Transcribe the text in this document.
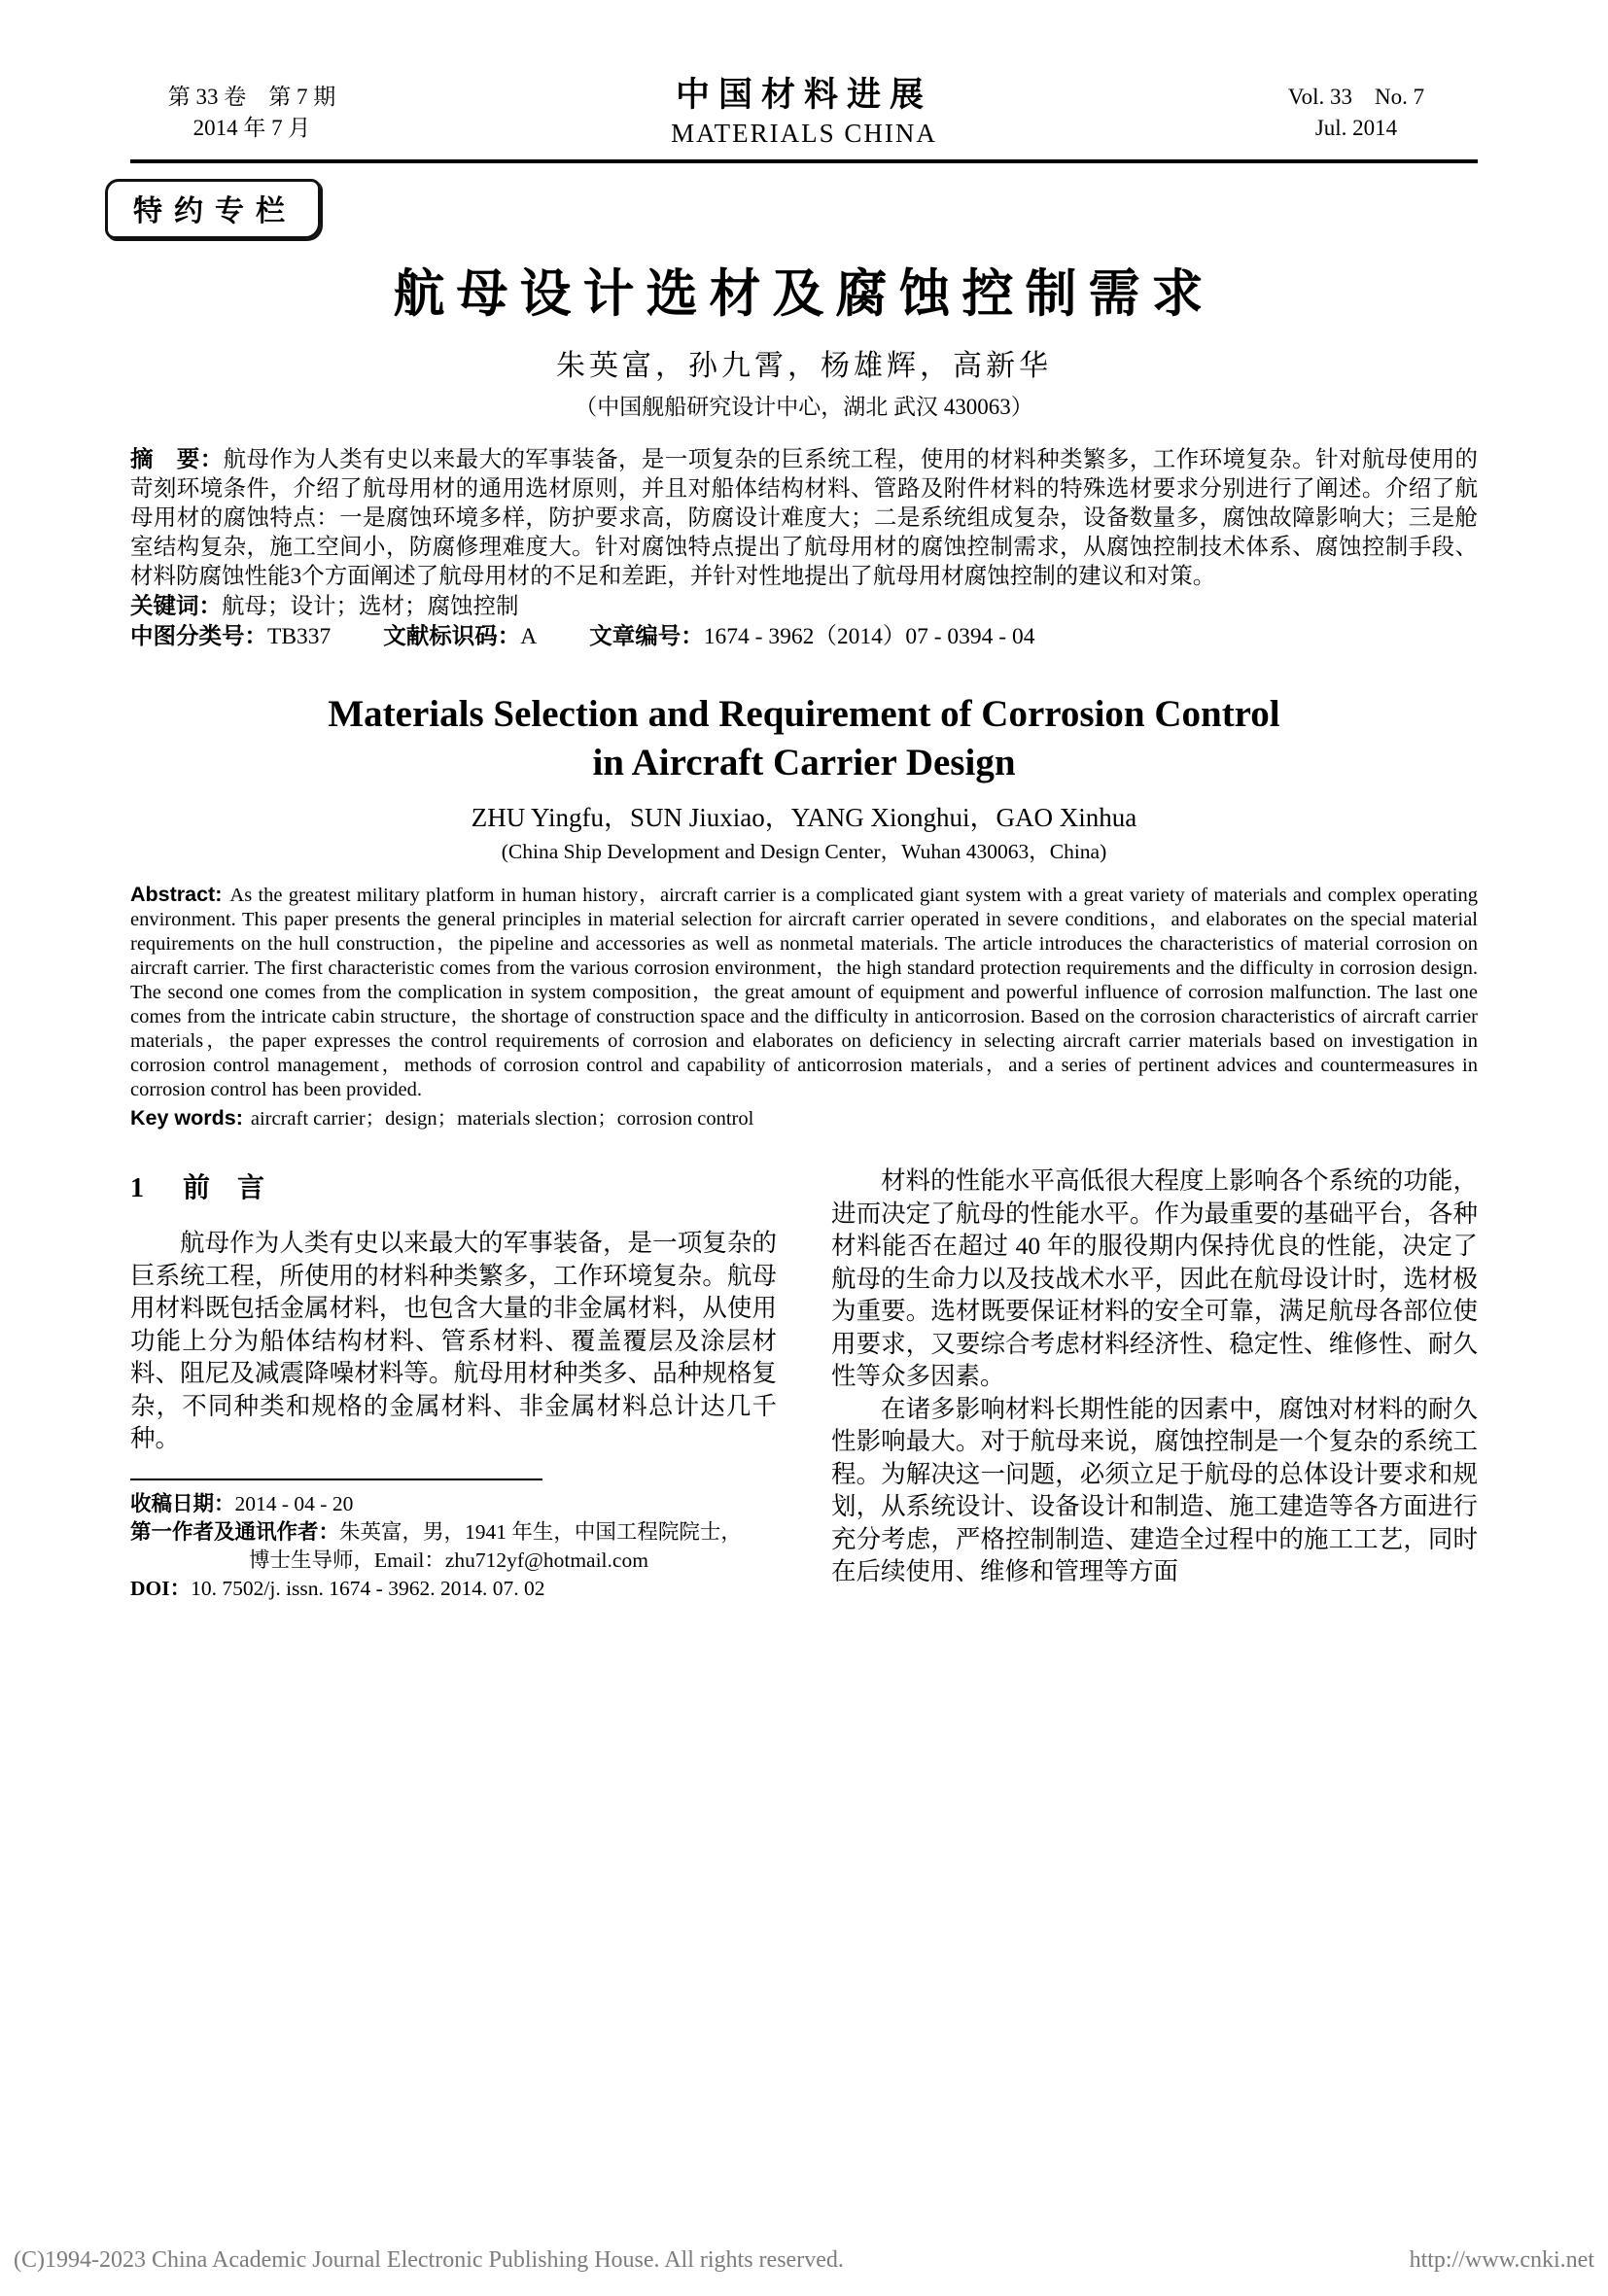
第 33 卷　第 7 期
2014 年 7 月
中国材料进展
MATERIALS CHINA
Vol. 33　No. 7
Jul. 2014
特约专栏
航母设计选材及腐蚀控制需求
朱英富，孙九霄，杨雄辉，高新华
（中国舰船研究设计中心，湖北 武汉 430063）
摘　要：航母作为人类有史以来最大的军事装备，是一项复杂的巨系统工程，使用的材料种类繁多，工作环境复杂。针对航母使用的苛刻环境条件，介绍了航母用材的通用选材原则，并且对船体结构材料、管路及附件材料的特殊选材要求分别进行了阐述。介绍了航母用材的腐蚀特点：一是腐蚀环境多样，防护要求高，防腐设计难度大；二是系统组成复杂，设备数量多，腐蚀故障影响大；三是舱室结构复杂，施工空间小，防腐修理难度大。针对腐蚀特点提出了航母用材的腐蚀控制需求，从腐蚀控制技术体系、腐蚀控制手段、材料防腐蚀性能3个方面阐述了航母用材的不足和差距，并针对性地提出了航母用材腐蚀控制的建议和对策。
关键词：航母；设计；选材；腐蚀控制
中图分类号：TB337 文献标识码：A 文章编号：1674 - 3962（2014）07 - 0394 - 04
Materials Selection and Requirement of Corrosion Control
in Aircraft Carrier Design
ZHU Yingfu，SUN Jiuxiao，YANG Xionghui，GAO Xinhua
(China Ship Development and Design Center，Wuhan 430063，China)
Abstract: As the greatest military platform in human history，aircraft carrier is a complicated giant system with a great variety of materials and complex operating environment. This paper presents the general principles in material selection for aircraft carrier operated in severe conditions，and elaborates on the special material requirements on the hull construction，the pipeline and accessories as well as nonmetal materials. The article introduces the characteristics of material corrosion on aircraft carrier. The first characteristic comes from the various corrosion environment，the high standard protection requirements and the difficulty in corrosion design. The second one comes from the complication in system composition，the great amount of equipment and powerful influence of corrosion malfunction. The last one comes from the intricate cabin structure，the shortage of construction space and the difficulty in anticorrosion. Based on the corrosion characteristics of aircraft carrier materials，the paper expresses the control requirements of corrosion and elaborates on deficiency in selecting aircraft carrier materials based on investigation in corrosion control management，methods of corrosion control and capability of anticorrosion materials，and a series of pertinent advices and countermeasures in corrosion control has been provided.
Key words: aircraft carrier；design；materials slection；corrosion control
1 前　言

航母作为人类有史以来最大的军事装备，是一项复杂的巨系统工程，所使用的材料种类繁多，工作环境复杂。航母用材料既包括金属材料，也包含大量的非金属材料，从使用功能上分为船体结构材料、管系材料、覆盖覆层及涂层材料、阻尼及减震降噪材料等。航母用材种类多、品种规格复杂，不同种类和规格的金属材料、非金属材料总计达几千种。

收稿日期：2014 - 04 - 20
第一作者及通讯作者：朱英富，男，1941 年生，中国工程院院士，
博士生导师，Email：zhu712yf@hotmail.com
DOI：10. 7502/j. issn. 1674 - 3962. 2014. 07. 02

材料的性能水平高低很大程度上影响各个系统的功能，进而决定了航母的性能水平。作为最重要的基础平台，各种材料能否在超过 40 年的服役期内保持优良的性能，决定了航母的生命力以及技战术水平，因此在航母设计时，选材极为重要。选材既要保证材料的安全可靠，满足航母各部位使用要求，又要综合考虑材料经济性、稳定性、维修性、耐久性等众多因素。

在诸多影响材料长期性能的因素中，腐蚀对材料的耐久性影响最大。对于航母来说，腐蚀控制是一个复杂的系统工程。为解决这一问题，必须立足于航母的总体设计要求和规划，从系统设计、设备设计和制造、施工建造等各方面进行充分考虑，严格控制制造、建造全过程中的施工工艺，同时在后续使用、维修和管理等方面

(C)1994-2023 China Academic Journal Electronic Publishing House. All rights reserved.	http://www.cnki.net
